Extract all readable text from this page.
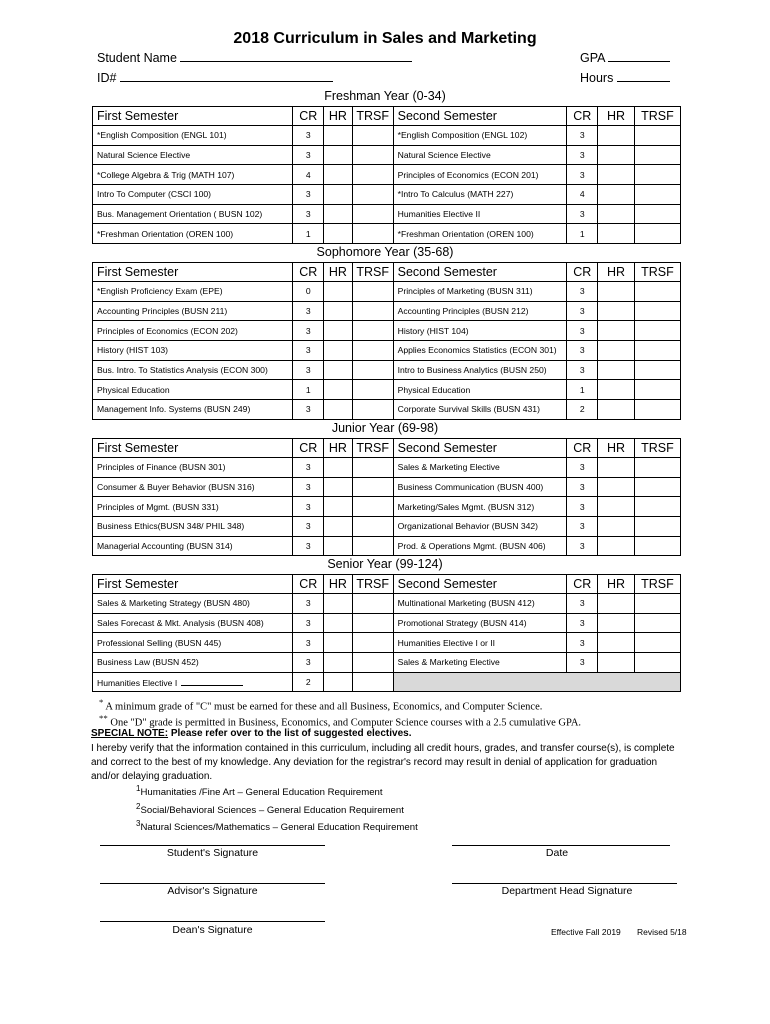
2018 Curriculum in Sales and Marketing
Student Name	GPA
ID#	Hours
Freshman Year (0-34)
First Semester	CR	HR	TRSF	Second Semester	CR	HR	TRSF
*English Composition (ENGL 101)	3			*English Composition (ENGL 102)	3		
Natural Science Elective	3			Natural Science Elective	3		
*College Algebra & Trig (MATH 107)	4			Principles of Economics (ECON 201)	3		
Intro To Computer (CSCI 100)	3			*Intro To Calculus (MATH 227)	4		
Bus. Management Orientation ( BUSN 102)	3			Humanities Elective II	3		
*Freshman Orientation (OREN 100)	1			*Freshman Orientation (OREN 100)	1		
Sophomore Year (35-68)
First Semester	CR	HR	TRSF	Second Semester	CR	HR	TRSF
*English Proficiency Exam (EPE)	0			Principles of Marketing (BUSN 311)	3		
Accounting Principles (BUSN 211)	3			Accounting Principles (BUSN 212)	3		
Principles of Economics (ECON 202)	3			History (HIST 104)	3		
History (HIST 103)	3			Applies Economics Statistics (ECON 301)	3		
Bus. Intro. To Statistics Analysis (ECON 300)	3			Intro to Business Analytics (BUSN 250)	3		
Physical Education	1			Physical Education	1		
Management Info. Systems (BUSN 249)	3			Corporate Survival Skills (BUSN 431)	2		
Junior Year (69-98)
First Semester	CR	HR	TRSF	Second Semester	CR	HR	TRSF
Principles of Finance (BUSN 301)	3			Sales & Marketing Elective	3		
Consumer & Buyer Behavior (BUSN 316)	3			Business Communication (BUSN 400)	3		
Principles of Mgmt. (BUSN 331)	3			Marketing/Sales Mgmt. (BUSN 312)	3		
Business Ethics(BUSN 348/ PHIL 348)	3			Organizational Behavior (BUSN 342)	3		
Managerial Accounting (BUSN 314)	3			Prod. & Operations Mgmt. (BUSN 406)	3		
Senior Year (99-124)
First Semester	CR	HR	TRSF	Second Semester	CR	HR	TRSF
Sales & Marketing Strategy (BUSN 480)	3			Multinational Marketing (BUSN 412)	3		
Sales Forecast & Mkt. Analysis (BUSN 408)	3			Promotional Strategy (BUSN 414)	3		
Professional Selling (BUSN 445)	3			Humanities Elective I or II	3		
Business Law (BUSN 452)	3			Sales & Marketing Elective	3		
Humanities Elective I	2						
* A minimum grade of "C" must be earned for these and all Business, Economics, and Computer Science.
** One "D" grade is permitted in Business, Economics, and Computer Science courses with a 2.5 cumulative GPA.
SPECIAL NOTE: Please refer over to the list of suggested electives.
I hereby verify that the information contained in this curriculum, including all credit hours, grades, and transfer course(s), is complete
and correct to the best of my knowledge. Any deviation for the registrar's record may result in denial of application for graduation
and/or delaying graduation.
$^1$Humanitaties /Fine Art – General Education Requirement
$^2$Social/Behavioral Sciences – General Education Requirement
$^3$Natural Sciences/Mathematics – General Education Requirement
Student's Signature	Date
Advisor's Signature	Department Head Signature
Dean's Signature	Effective Fall 2019 Revised 5/18
